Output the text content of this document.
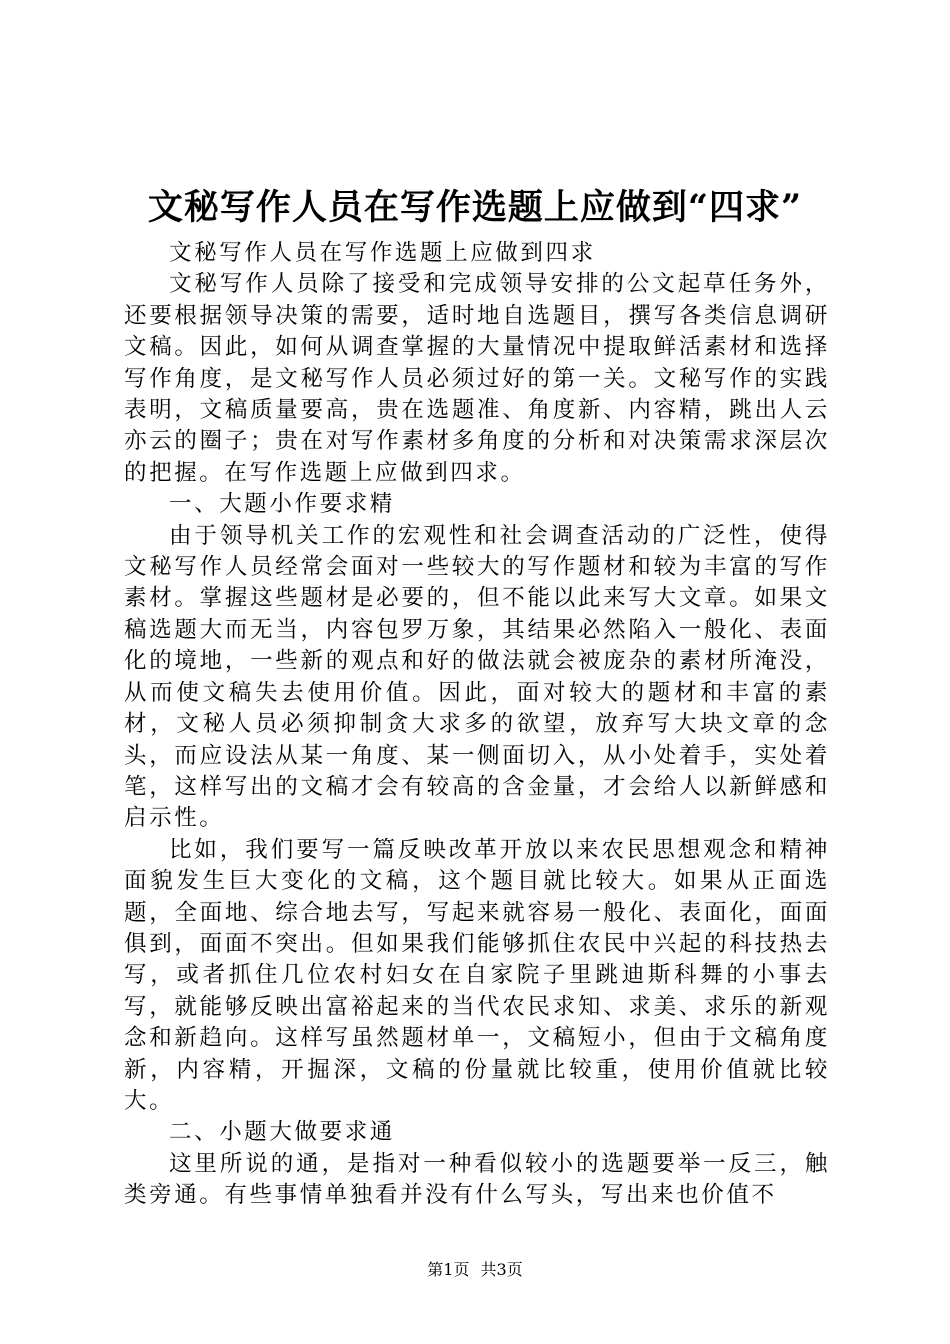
文秘写作人员在写作选题上应做到“四求”

文秘写作人员在写作选题上应做到四求

文秘写作人员除了接受和完成领导安排的公文起草任务外，还要根据领导决策的需要，适时地自选题目，撰写各类信息调研文稿。因此，如何从调查掌握的大量情况中提取鲜活素材和选择写作角度，是文秘写作人员必须过好的第一关。文秘写作的实践表明，文稿质量要高，贵在选题准、角度新、内容精，跳出人云亦云的圈子；贵在对写作素材多角度的分析和对决策需求深层次的把握。在写作选题上应做到四求。

一、大题小作要求精

由于领导机关工作的宏观性和社会调查活动的广泛性，使得文秘写作人员经常会面对一些较大的写作题材和较为丰富的写作素材。掌握这些题材是必要的，但不能以此来写大文章。如果文稿选题大而无当，内容包罗万象，其结果必然陷入一般化、表面化的境地，一些新的观点和好的做法就会被庞杂的素材所淹没，从而使文稿失去使用价值。因此，面对较大的题材和丰富的素材，文秘人员必须抑制贪大求多的欲望，放弃写大块文章的念头，而应设法从某一角度、某一侧面切入，从小处着手，实处着笔，这样写出的文稿才会有较高的含金量，才会给人以新鲜感和启示性。

比如，我们要写一篇反映改革开放以来农民思想观念和精神面貌发生巨大变化的文稿，这个题目就比较大。如果从正面选题，全面地、综合地去写，写起来就容易一般化、表面化，面面俱到，面面不突出。但如果我们能够抓住农民中兴起的科技热去写，或者抓住几位农村妇女在自家院子里跳迪斯科舞的小事去写，就能够反映出富裕起来的当代农民求知、求美、求乐的新观念和新趋向。这样写虽然题材单一，文稿短小，但由于文稿角度新，内容精，开掘深，文稿的份量就比较重，使用价值就比较大。

二、小题大做要求通

这里所说的通，是指对一种看似较小的选题要举一反三，触类旁通。有些事情单独看并没有什么写头，写出来也价值不

第1页 共3页
